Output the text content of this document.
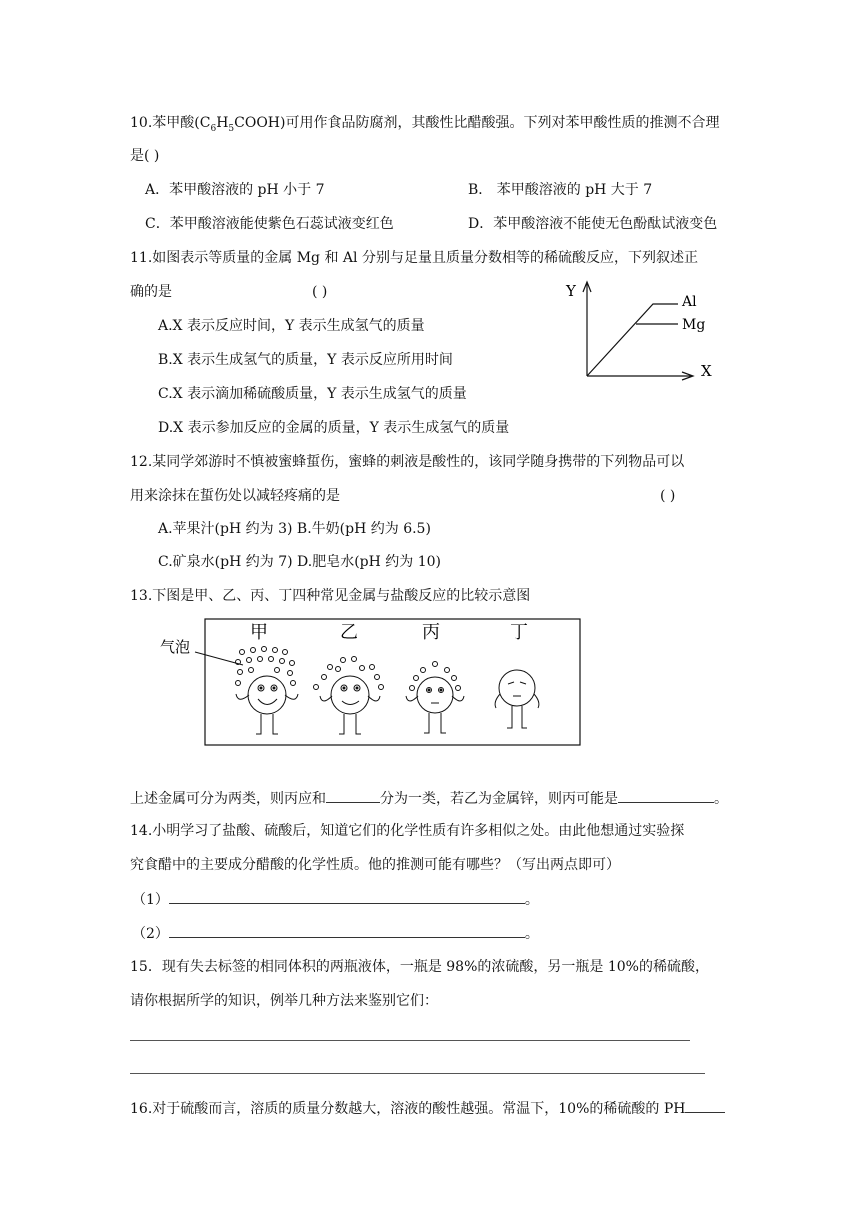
10.苯甲酸$(C_6H_5COOH)$可用作食品防腐剂，其酸性比醋酸强。下列对苯甲酸性质的推测不合理
是( )
A．苯甲酸溶液的 pH 小于 7	B． 苯甲酸溶液的 pH 大于 7
C．苯甲酸溶液能使紫色石蕊试液变红色	D．苯甲酸溶液不能使无色酚酞试液变色
11.如图表示等质量的金属 Mg 和 Al 分别与足量且质量分数相等的稀硫酸反应，下列叙述正
确的是	( )
A.X 表示反应时间，Y 表示生成氢气的质量
B.X 表示生成氢气的质量，Y 表示反应所用时间
C.X 表示滴加稀硫酸质量，Y 表示生成氢气的质量
D.X 表示参加反应的金属的质量，Y 表示生成氢气的质量
Y
X
Al
Mg
12.某同学郊游时不慎被蜜蜂蜇伤，蜜蜂的刺液是酸性的，该同学随身携带的下列物品可以
用来涂抹在蜇伤处以减轻疼痛的是	( )
A.苹果汁(pH 约为 3) B.牛奶(pH 约为 6.5)
C.矿泉水(pH 约为 7) D.肥皂水(pH 约为 10)
13.下图是甲、乙、丙、丁四种常见金属与盐酸反应的比较示意图
气泡
甲	乙	丙	丁
上述金属可分为两类，则丙应和	分为一类，若乙为金属锌，则丙可能是	。
14.小明学习了盐酸、硫酸后，知道它们的化学性质有许多相似之处。由此他想通过实验探
究食醋中的主要成分醋酸的化学性质。他的推测可能有哪些？（写出两点即可）
（1）	。
（2）	。
15．现有失去标签的相同体积的两瓶液体，一瓶是 98%的浓硫酸，另一瓶是 10%的稀硫酸，
请你根据所学的知识，例举几种方法来鉴别它们：
16.对于硫酸而言，溶质的质量分数越大，溶液的酸性越强。常温下，10%的稀硫酸的 PH
